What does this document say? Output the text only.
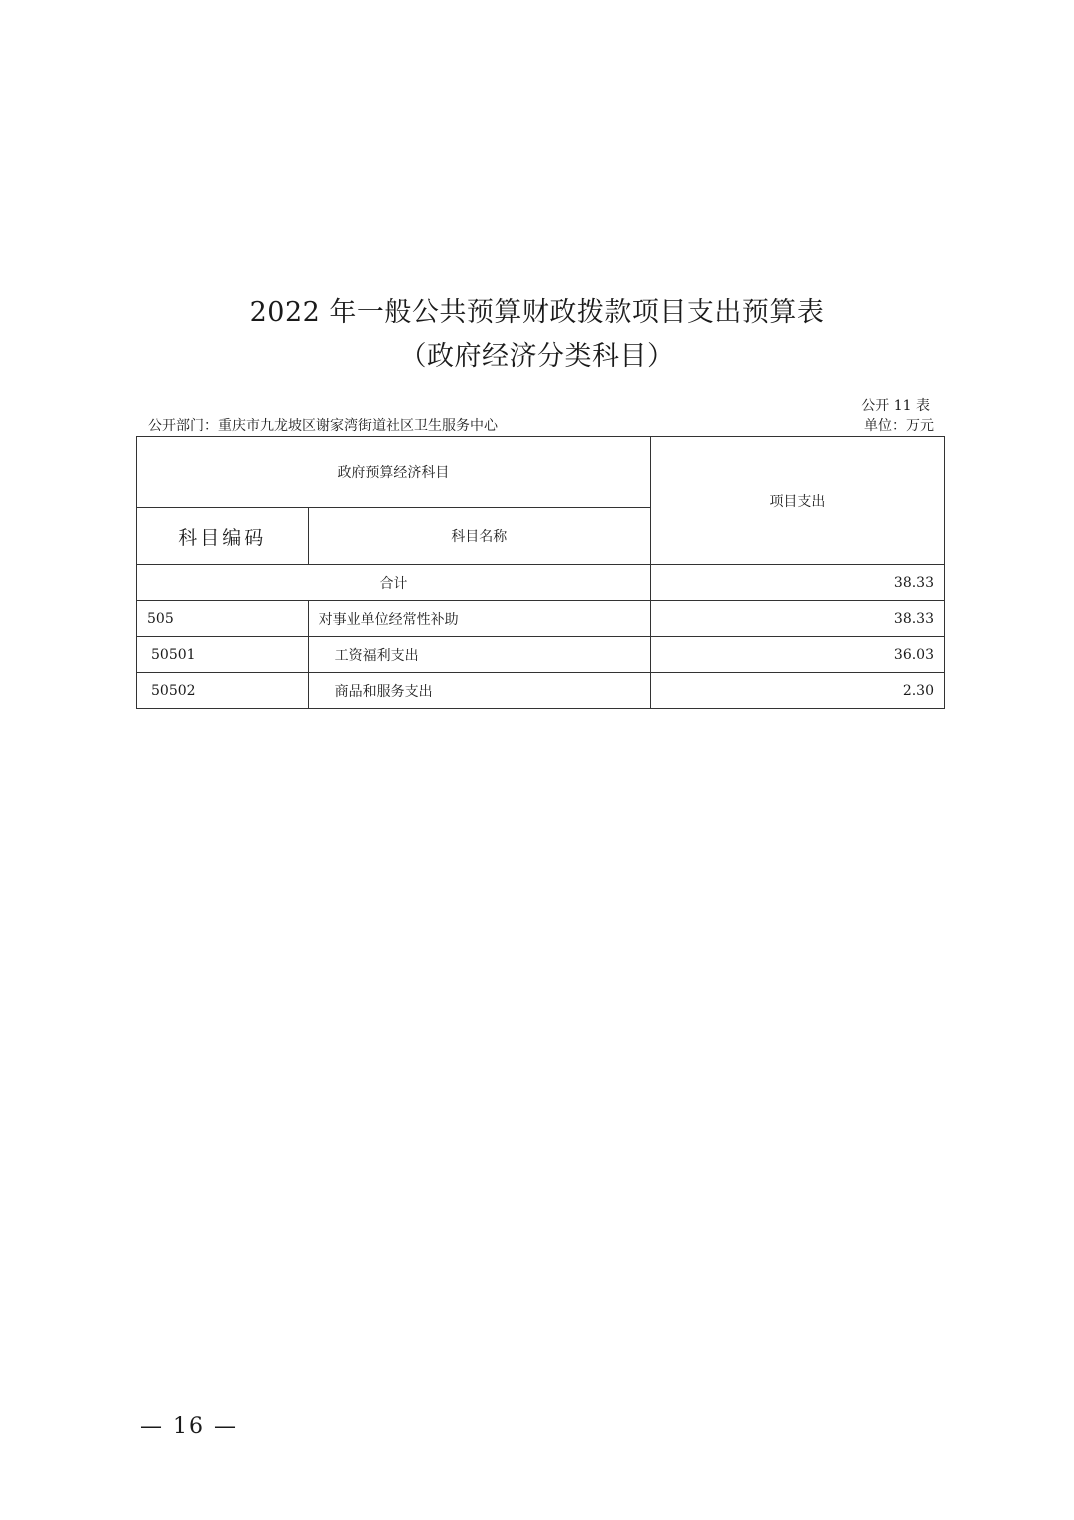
2022 年一般公共预算财政拨款项目支出预算表
（政府经济分类科目）
公开 11 表
公开部门：重庆市九龙坡区谢家湾街道社区卫生服务中心	单位：万元
政府预算经济科目		项目支出
科目编码	科目名称	
合计		38.33
505	对事业单位经常性补助	38.33
50501	工资福利支出	36.03
50502	商品和服务支出	2.30
— 16 —
